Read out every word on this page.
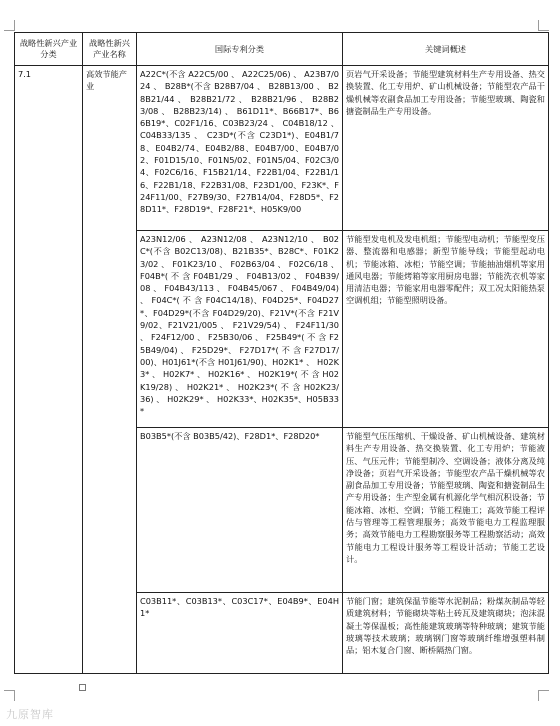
战略性新兴产业分类	战略性新兴产业名称	国际专利分类	关键词概述
7.1	高效节能产业	A22C*(不含 A22C5/00 、 A22C25/06) 、 A23B7/024 、 B28B*(不含 B28B7/04 、 B28B13/00 、 B28B21/44 、 B28B21/72 、 B28B21/96 、 B28B23/08 、 B28B23/14) 、 B61D11*、B66B17*、B66B19*、C02F1/16、C03B23/24 、 C04B18/12 、 C04B33/135 、 C23D*(不含 C23D1*)、E04B1/78、E04B2/74、E04B2/88、E04B7/00、E04B7/02、F01D15/10、F01N5/02、F01N5/04、F02C3/04、F02C6/16、F15B21/14、F22B1/04、F22B1/16、F22B1/18、F22B31/08、F23D1/00、F23K*、F24F11/00、F27B9/30、F27B14/04、F28D5*、F28D11*、F28D19*、F28F21*、H05K9/00	页岩气开采设备；节能型建筑材料生产专用设备、热交换装置、化工专用炉、矿山机械设备；节能型农产品干燥机械等农副食品加工专用设备；节能型玻璃、陶瓷和搪瓷制品生产专用设备。
		A23N12/06 、 A23N12/08 、 A23N12/10 、 B02C*(不含 B02C13/08)、B21B35*、B28C*、F01K23/02 、 F01K23/10 、 F02B63/04 、 F02C6/18 、 F04B*( 不 含 F04B1/29 、 F04B13/02 、 F04B39/08 、 F04B43/113 、 F04B45/067 、 F04B49/04) 、 F04C*( 不 含 F04C14/18)、F04D25*、F04D27*、F04D29*(不含 F04D29/20)、F21V*(不含 F21V9/02、F21V21/005 、 F21V29/54) 、 F24F11/30 、 F24F12/00 、 F25B30/06 、 F25B49*( 不 含 F25B49/04) 、 F25D29*、 F27D17*( 不 含 F27D17/00)、H01J61*(不含 H01J61/90)、H02K1* 、 H02K3* 、 H02K7* 、 H02K16* 、 H02K19*( 不 含 H02K19/28) 、 H02K21* 、 H02K23*( 不 含 H02K23/36) 、 H02K29* 、 H02K33*、H02K35*、H05B33*	节能型发电机及发电机组；节能型电动机；节能型变压器、整流器和电感器；新型节能导线；节能型起动电机；节能冰箱、冰柜；节能空调；节能抽油烟机等家用通风电器；节能烤箱等家用厨房电器；节能洗衣机等家用清洁电器；节能家用电器零配件；双工况太阳能热泵空调机组；节能型照明设备。
		B03B5*(不含 B03B5/42)、F28D1*、F28D20*	节能型气压压缩机、干燥设备、矿山机械设备、建筑材料生产专用设备、热交换装置、化工专用炉；节能液压、气压元件；节能型制冷、空调设备；液体分离及纯净设备；页岩气开采设备；节能型农产品干燥机械等农副食品加工专用设备；节能型玻璃、陶瓷和搪瓷制品生产专用设备；生产型金属有机源化学气相沉积设备；节能冰箱、冰柜、空调；节能工程施工；高效节能工程评估与管理等工程管理服务；高效节能电力工程监理服务；高效节能电力工程勘察服务等工程勘察活动；高效节能电力工程设计服务等工程设计活动；节能工艺设计。
		C03B11*、C03B13*、C03C17*、E04B9*、E04H1*	节能门窗；建筑保温节能等水泥制品；粉煤灰制品等轻质建筑材料；节能砌块等粘土砖瓦及建筑砌块；泡沫混凝土等保温板；高性能建筑玻璃等特种玻璃；建筑节能玻璃等技术玻璃；玻璃钢门窗等玻璃纤维增强塑料制品；铝木复合门窗、断桥隔热门窗。
九原智库
